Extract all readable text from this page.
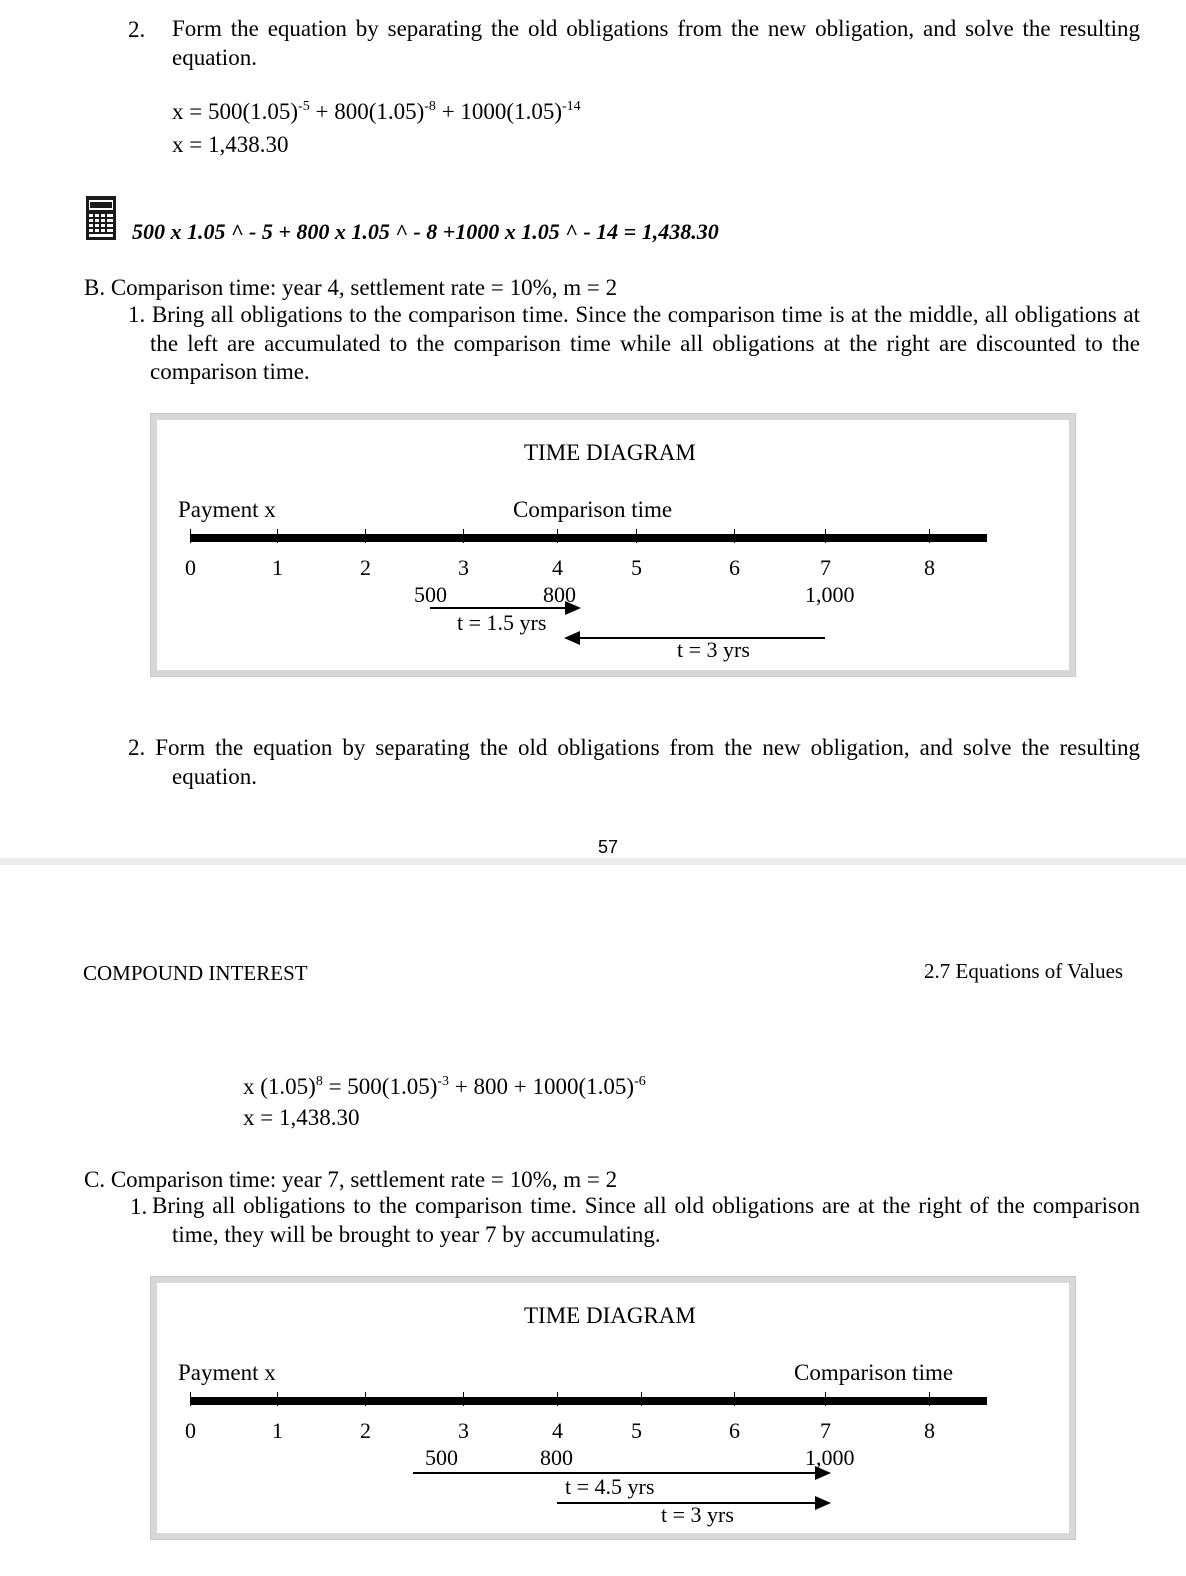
2. Form the equation by separating the old obligations from the new obligation, and solve the resulting equation.
$x = 500(1.05)^{-5} + 800(1.05)^{-8} + 1000(1.05)^{-14}$
x = 1,438.30
500 x 1.05 ^ - 5 + 800 x 1.05 ^ - 8 +1000 x 1.05 ^ - 14 = 1,438.30
B. Comparison time: year 4, settlement rate = 10%, m = 2
1. Bring all obligations to the comparison time. Since the comparison time is at the middle, all obligations at the left are accumulated to the comparison time while all obligations at the right are discounted to the comparison time.
TIME DIAGRAM
Payment x	Comparison time
0	1	2	3	4	5	6	7	8
500	800	1,000
t = 1.5 yrs
t = 3 yrs
2. Form the equation by separating the old obligations from the new obligation, and solve the resulting equation.
57
COMPOUND INTEREST	2.7 Equations of Values
x $(1.05)^8 = 500(1.05)^{-3} + 800 + 1000(1.05)^{-6}$
x = 1,438.30
C. Comparison time: year 7, settlement rate = 10%, m = 2
1. Bring all obligations to the comparison time. Since all old obligations are at the right of the comparison time, they will be brought to year 7 by accumulating.
TIME DIAGRAM
Payment x	Comparison time
0	1	2	3	4	5	6	7	8
500	800	1,000
t = 4.5 yrs
t = 3 yrs
